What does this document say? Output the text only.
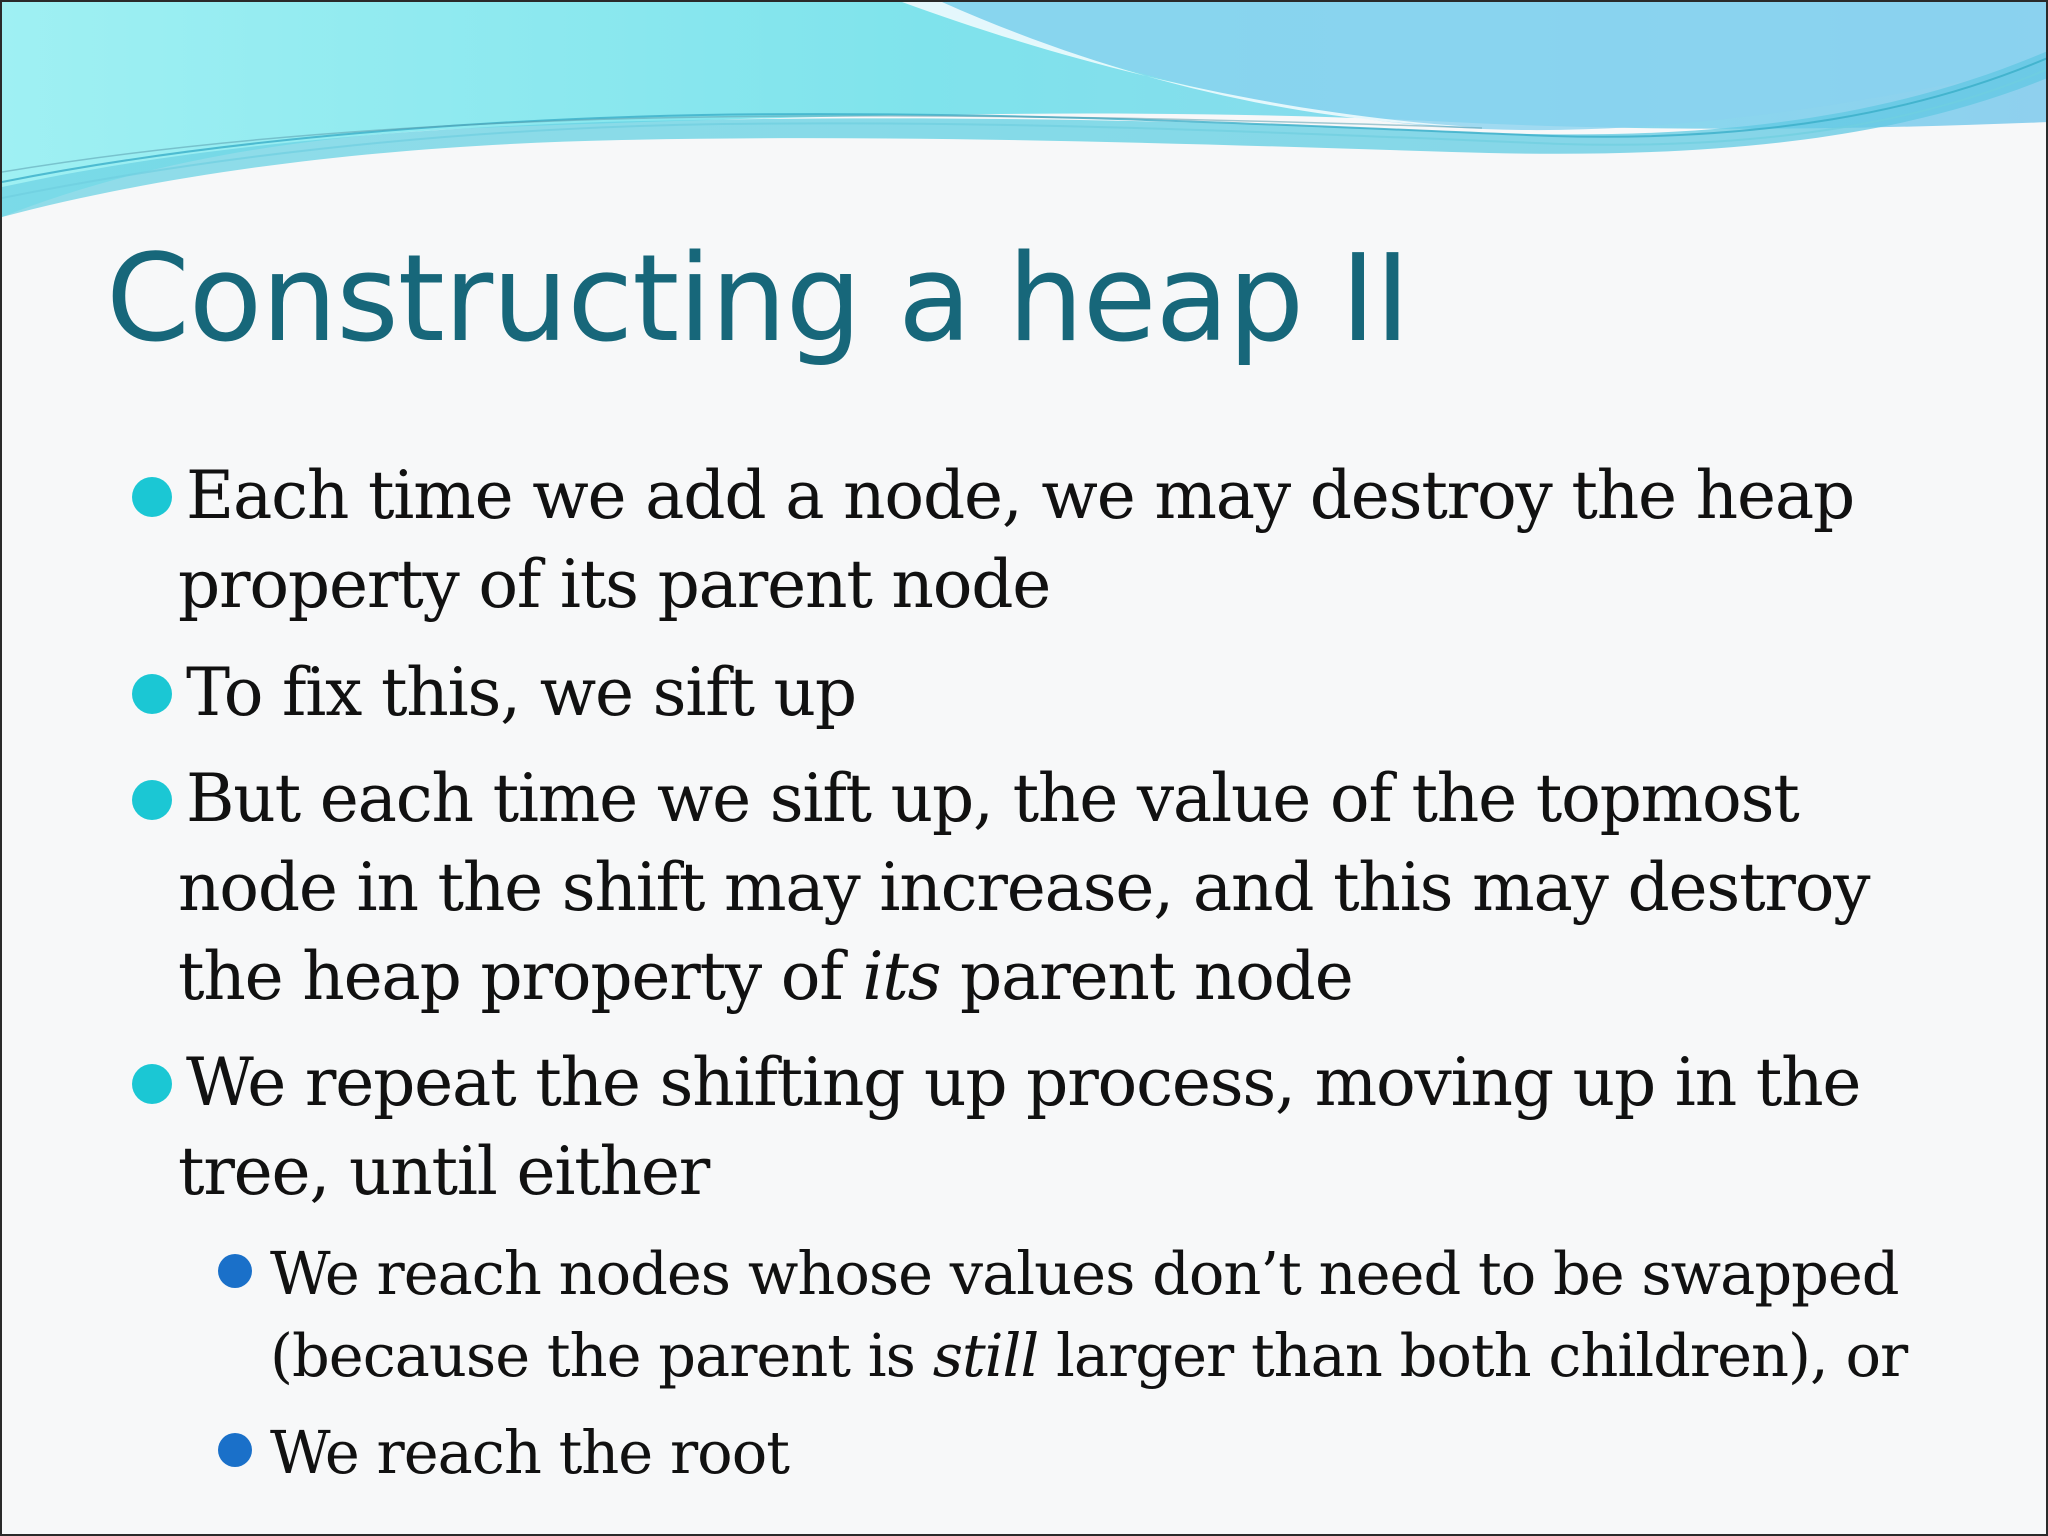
Constructing a heap II
Each time we add a node, we may destroy the heap
property of its parent node
To fix this, we sift up
But each time we sift up, the value of the topmost
node in the shift may increase, and this may destroy
the heap property of its parent node
We repeat the shifting up process, moving up in the
tree, until either
We reach nodes whose values don’t need to be swapped
(because the parent is still larger than both children), or
We reach the root
